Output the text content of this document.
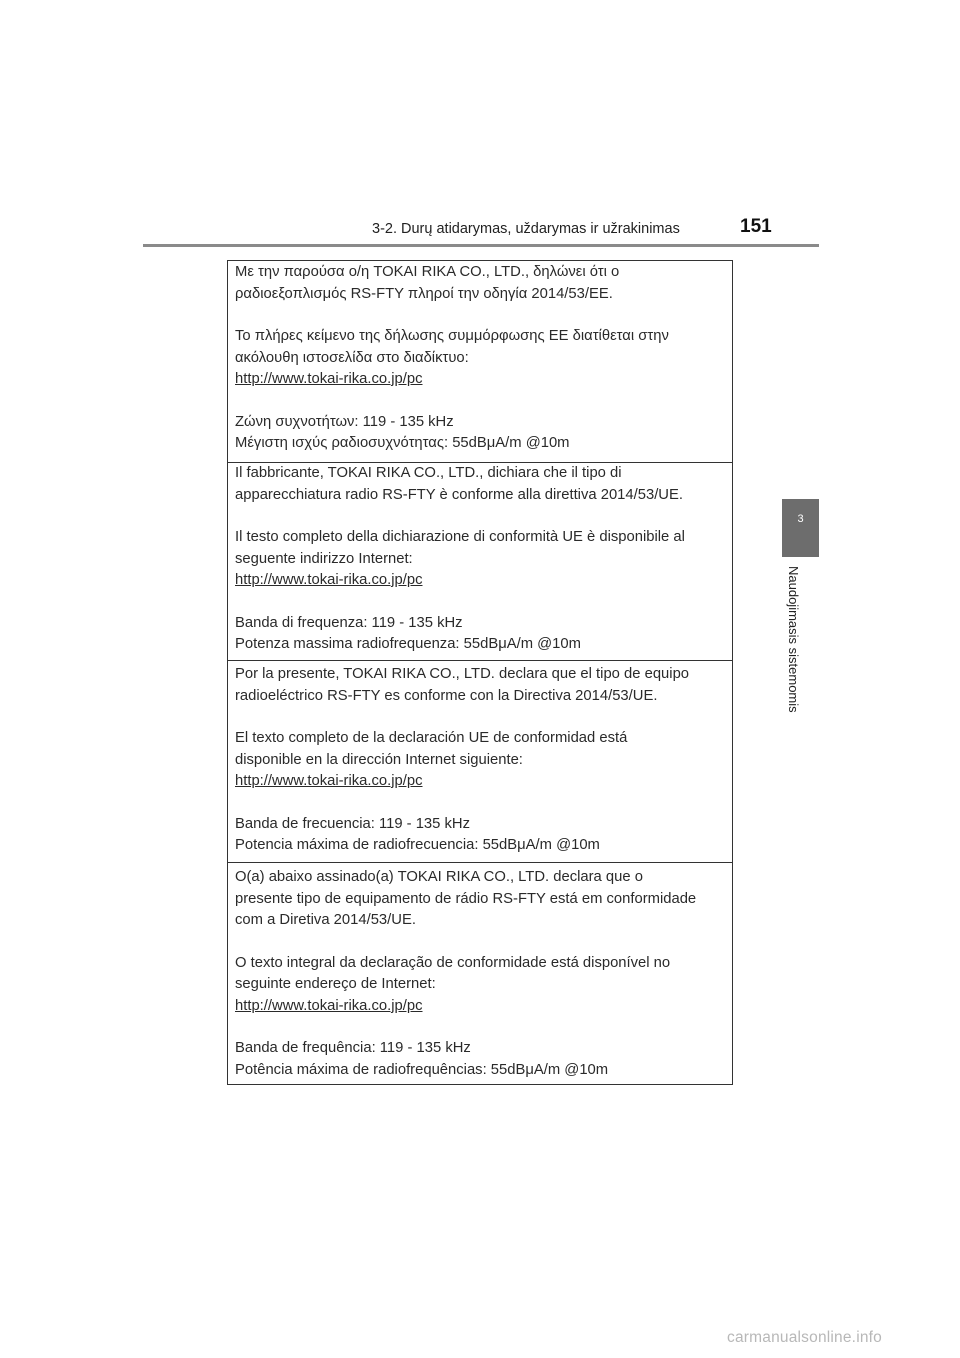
3-2. Durų atidarymas, uždarymas ir užrakinimas	151
3
Naudojimasis sistemomis

Με την παρούσα ο/η TOKAI RIKA CO., LTD., δηλώνει ότι ο

ραδιοεξοπλισμός RS-FTY πληροί την οδηγία 2014/53/ΕΕ.

Το πλήρες κείμενο της δήλωσης συμμόρφωσης ΕΕ διατίθεται στην

ακόλουθη ιστοσελίδα στο διαδίκτυο:

http://www.tokai-rika.co.jp/pc

Ζώνη συχνοτήτων: 119 - 135 kHz

Μέγιστη ισχύς ραδιοσυχνότητας: 55dBμA/m @10m

Il fabbricante, TOKAI RIKA CO., LTD., dichiara che il tipo di

apparecchiatura radio RS-FTY è conforme alla direttiva 2014/53/UE.

Il testo completo della dichiarazione di conformità UE è disponibile al

seguente indirizzo Internet:

http://www.tokai-rika.co.jp/pc

Banda di frequenza: 119 - 135 kHz

Potenza massima radiofrequenza: 55dBμA/m @10m

Por la presente, TOKAI RIKA CO., LTD. declara que el tipo de equipo

radioeléctrico RS-FTY es conforme con la Directiva 2014/53/UE.

El texto completo de la declaración UE de conformidad está

disponible en la dirección Internet siguiente:

http://www.tokai-rika.co.jp/pc

Banda de frecuencia: 119 - 135 kHz

Potencia máxima de radiofrecuencia: 55dBμA/m @10m

O(a) abaixo assinado(a) TOKAI RIKA CO., LTD. declara que o

presente tipo de equipamento de rádio RS-FTY está em conformidade

com a Diretiva 2014/53/UE.

O texto integral da declaração de conformidade está disponível no

seguinte endereço de Internet:

http://www.tokai-rika.co.jp/pc

Banda de frequência: 119 - 135 kHz

Potência máxima de radiofrequências: 55dBμA/m @10m

carmanualsonline.info
